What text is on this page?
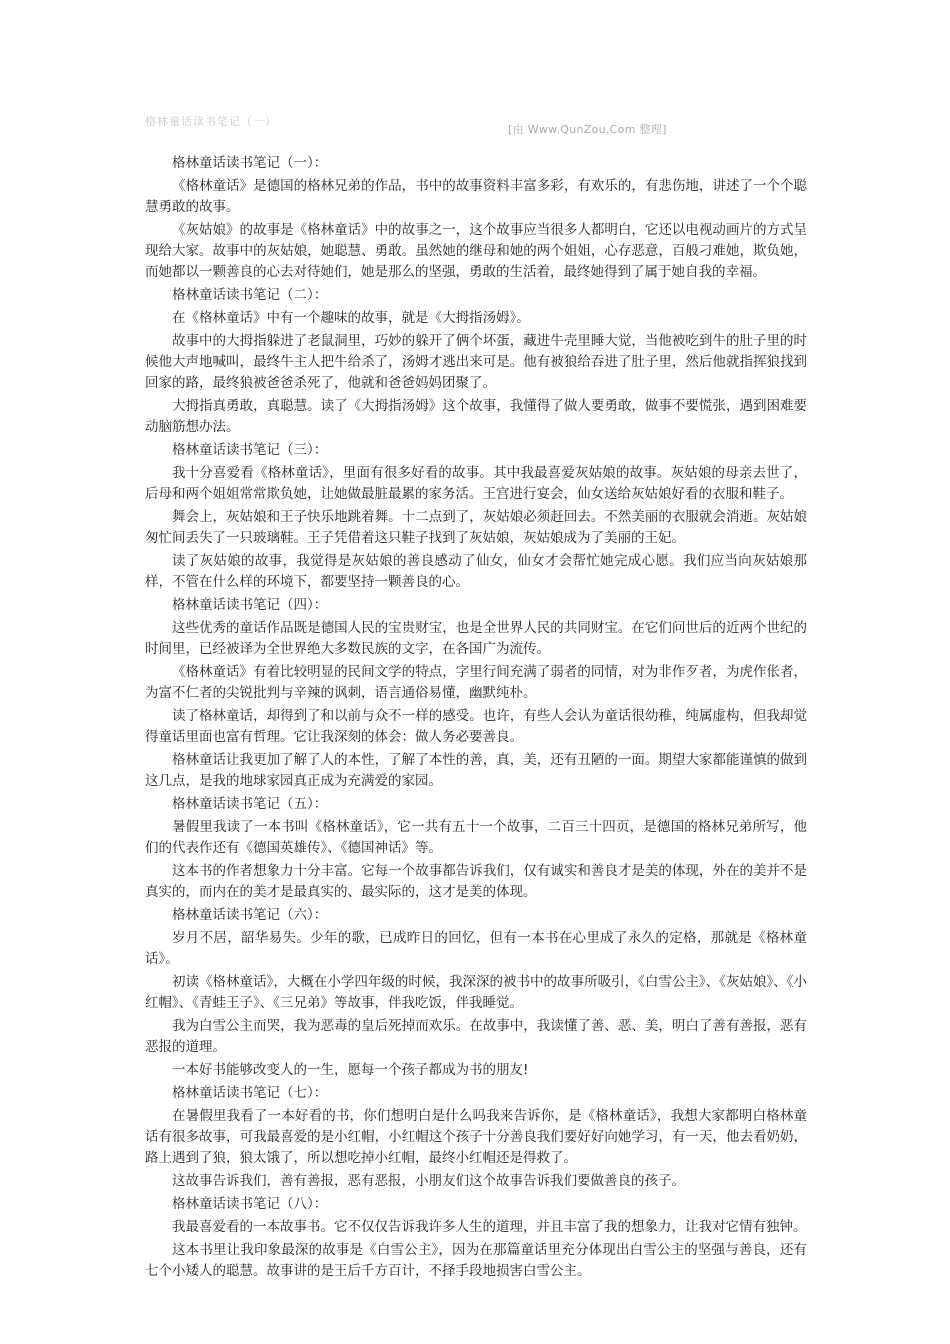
格林童话读书笔记（一）
[由 Www.QunZou.Com 整理]

格林童话读书笔记（一）：

《格林童话》是德国的格林兄弟的作品，书中的故事资料丰富多彩，有欢乐的，有悲伤地，讲述了一个个聪慧勇敢的故事。

《灰姑娘》的故事是《格林童话》中的故事之一，这个故事应当很多人都明白，它还以电视动画片的方式呈现给大家。故事中的灰姑娘，她聪慧、勇敢。虽然她的继母和她的两个姐姐，心存恶意，百般刁难她，欺负她，而她都以一颗善良的心去对待她们，她是那么的坚强，勇敢的生活着，最终她得到了属于她自我的幸福。

格林童话读书笔记（二）：

在《格林童话》中有一个趣味的故事，就是《大拇指汤姆》。

故事中的大拇指躲进了老鼠洞里，巧妙的躲开了俩个坏蛋，藏进牛壳里睡大觉，当他被吃到牛的肚子里的时候他大声地喊叫，最终牛主人把牛给杀了，汤姆才逃出来可是。他有被狼给吞进了肚子里，然后他就指挥狼找到回家的路，最终狼被爸爸杀死了，他就和爸爸妈妈团聚了。

大拇指真勇敢，真聪慧。读了《大拇指汤姆》这个故事，我懂得了做人要勇敢，做事不要慌张，遇到困难要动脑筋想办法。

格林童话读书笔记（三）：

我十分喜爱看《格林童话》，里面有很多好看的故事。其中我最喜爱灰姑娘的故事。灰姑娘的母亲去世了，后母和两个姐姐常常欺负她，让她做最脏最累的家务活。王宫进行宴会，仙女送给灰姑娘好看的衣服和鞋子。

舞会上，灰姑娘和王子快乐地跳着舞。十二点到了，灰姑娘必须赶回去。不然美丽的衣服就会消逝。灰姑娘匆忙间丢失了一只玻璃鞋。王子凭借着这只鞋子找到了灰姑娘，灰姑娘成为了美丽的王妃。

读了灰姑娘的故事，我觉得是灰姑娘的善良感动了仙女，仙女才会帮忙她完成心愿。我们应当向灰姑娘那样，不管在什么样的环境下，都要坚持一颗善良的心。

格林童话读书笔记（四）：

这些优秀的童话作品既是德国人民的宝贵财宝，也是全世界人民的共同财宝。在它们问世后的近两个世纪的时间里，已经被译为全世界绝大多数民族的文字，在各国广为流传。

《格林童话》有着比较明显的民间文学的特点，字里行间充满了弱者的同情，对为非作歹者，为虎作伥者，为富不仁者的尖锐批判与辛辣的讽刺，语言通俗易懂，幽默纯朴。

读了格林童话，却得到了和以前与众不一样的感受。也许，有些人会认为童话很幼稚，纯属虚构，但我却觉得童话里面也富有哲理。它让我深刻的体会：做人务必要善良。

格林童话让我更加了解了人的本性，了解了本性的善，真，美，还有丑陋的一面。期望大家都能谨慎的做到这几点，是我的地球家园真正成为充满爱的家园。

格林童话读书笔记（五）：

暑假里我读了一本书叫《格林童话》，它一共有五十一个故事，二百三十四页，是德国的格林兄弟所写，他们的代表作还有《德国英雄传》、《德国神话》等。

这本书的作者想象力十分丰富。它每一个故事都告诉我们，仅有诚实和善良才是美的体现，外在的美并不是真实的，而内在的美才是最真实的、最实际的，这才是美的体现。

格林童话读书笔记（六）：

岁月不居，韶华易失。少年的歌，已成昨日的回忆，但有一本书在心里成了永久的定格，那就是《格林童话》。

初读《格林童话》，大概在小学四年级的时候，我深深的被书中的故事所吸引，《白雪公主》、《灰姑娘》、《小红帽》、《青蛙王子》、《三兄弟》等故事，伴我吃饭，伴我睡觉。

我为白雪公主而哭，我为恶毒的皇后死掉而欢乐。在故事中，我读懂了善、恶、美，明白了善有善报，恶有恶报的道理。

一本好书能够改变人的一生，愿每一个孩子都成为书的朋友!

格林童话读书笔记（七）：

在暑假里我看了一本好看的书，你们想明白是什么吗我来告诉你，是《格林童话》，我想大家都明白格林童话有很多故事，可我最喜爱的是小红帽，小红帽这个孩子十分善良我们要好好向她学习，有一天，他去看奶奶，路上遇到了狼，狼太饿了，所以想吃掉小红帽，最终小红帽还是得救了。

这故事告诉我们，善有善报，恶有恶报，小朋友们这个故事告诉我们要做善良的孩子。

格林童话读书笔记（八）：

我最喜爱看的一本故事书。它不仅仅告诉我许多人生的道理，并且丰富了我的想象力，让我对它情有独钟。

这本书里让我印象最深的故事是《白雪公主》，因为在那篇童话里充分体现出白雪公主的坚强与善良，还有七个小矮人的聪慧。故事讲的是王后千方百计，不择手段地损害白雪公主。
